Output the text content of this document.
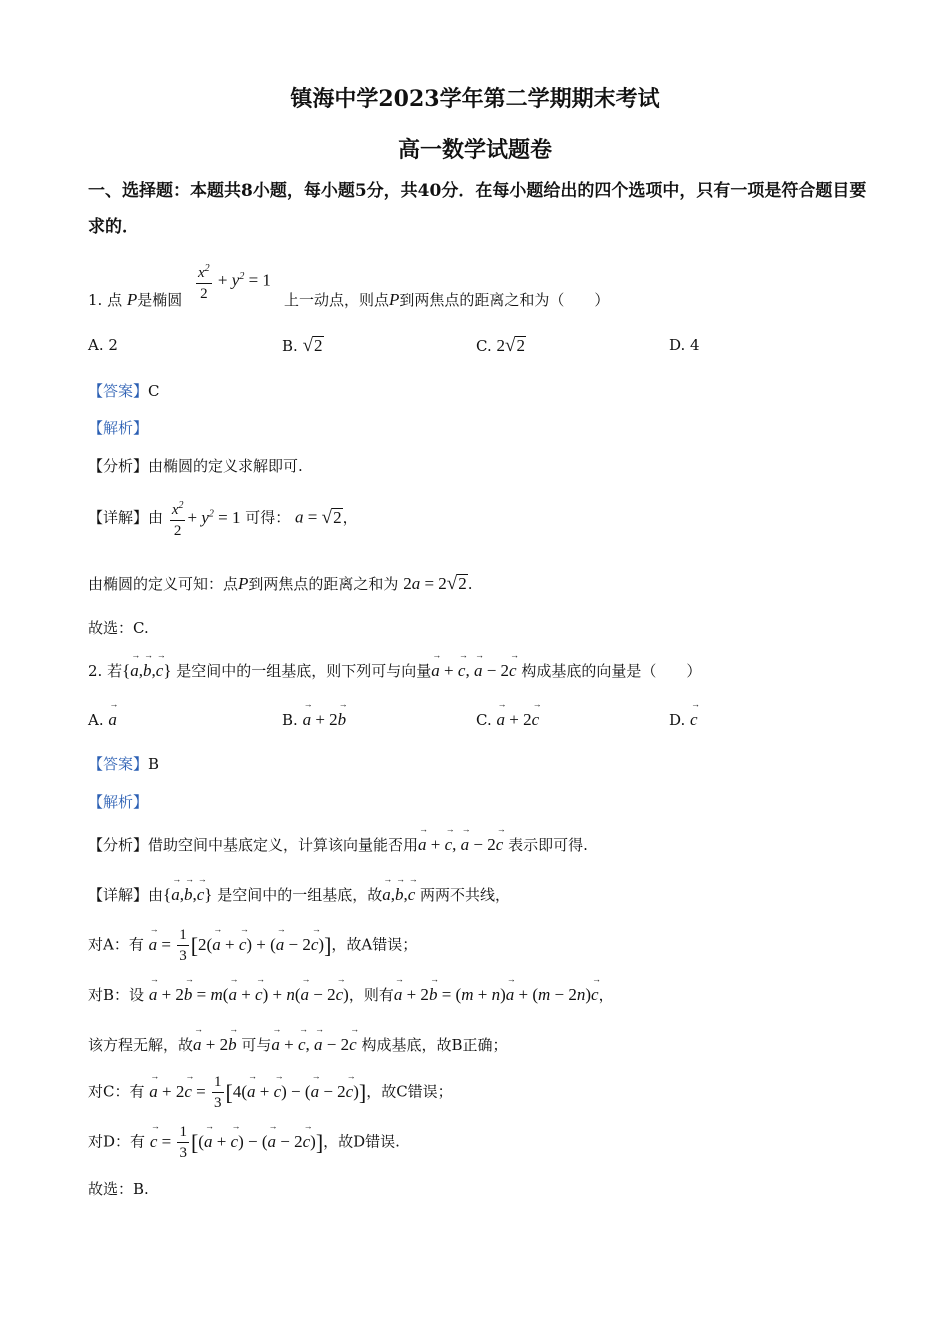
镇海中学2023学年第二学期期末考试
高一数学试题卷
一、选择题：本题共8小题，每小题5分，共40分．在每小题给出的四个选项中，只有一项是符合题目要求的．
1. 点 P是椭圆 $\frac{x^2}{2} + y^2 = 1$
上一动点，则点P到两焦点的距离之和为（　　）
A. 2	B. √ 2	C. 2 √ 2	D. 4
【答案】C
【解析】
【分析】由椭圆的定义求解即可.
【详解】由 $\frac{x^2}{2} + y^2 = 1$ 可得： a = √ 2 ，
由椭圆的定义可知：点P到两焦点的距离之和为 2a = 2 √ 2 .
故选：C.
2. 若{→ a,→ b,→ c} 是空间中的一组基底，则下列可与向量→ a + → c, → a − 2→ c 构成基底的向量是（　　）
A. → a	B. → a + 2→ b	C. → a + 2→ c	D. → c
【答案】B
【解析】
【分析】借助空间中基底定义，计算该向量能否用→ a + → c, → a − 2→ c 表示即可得.
【详解】由{→ a,→ b,→ c} 是空间中的一组基底，故→ a,→ b,→ c 两两不共线，
对A：有 → $a = \frac{1}{3} [2(\to a$ + → c) + (→ a − 2→ c)]，故A错误；
对B：设 → a + 2→ b = m(→ a + → c) + n(→ a − 2→ c)，则有→ a + 2→ b = (m + n)→ a + (m − 2n)→ c，
该方程无解，故→ a + 2→ b 可与→ a + → c, → a − 2→ c 构成基底，故B正确；
对C：有 → $a + 2\to c = \frac{1}{3} [4(\to a$ + → c) − (→ a − 2→ c)]，故C错误；
对D：有 → $c = \frac{1}{3}$ [(→ a + → c) − (→ a − 2→ c)]，故D错误.
故选：B.
